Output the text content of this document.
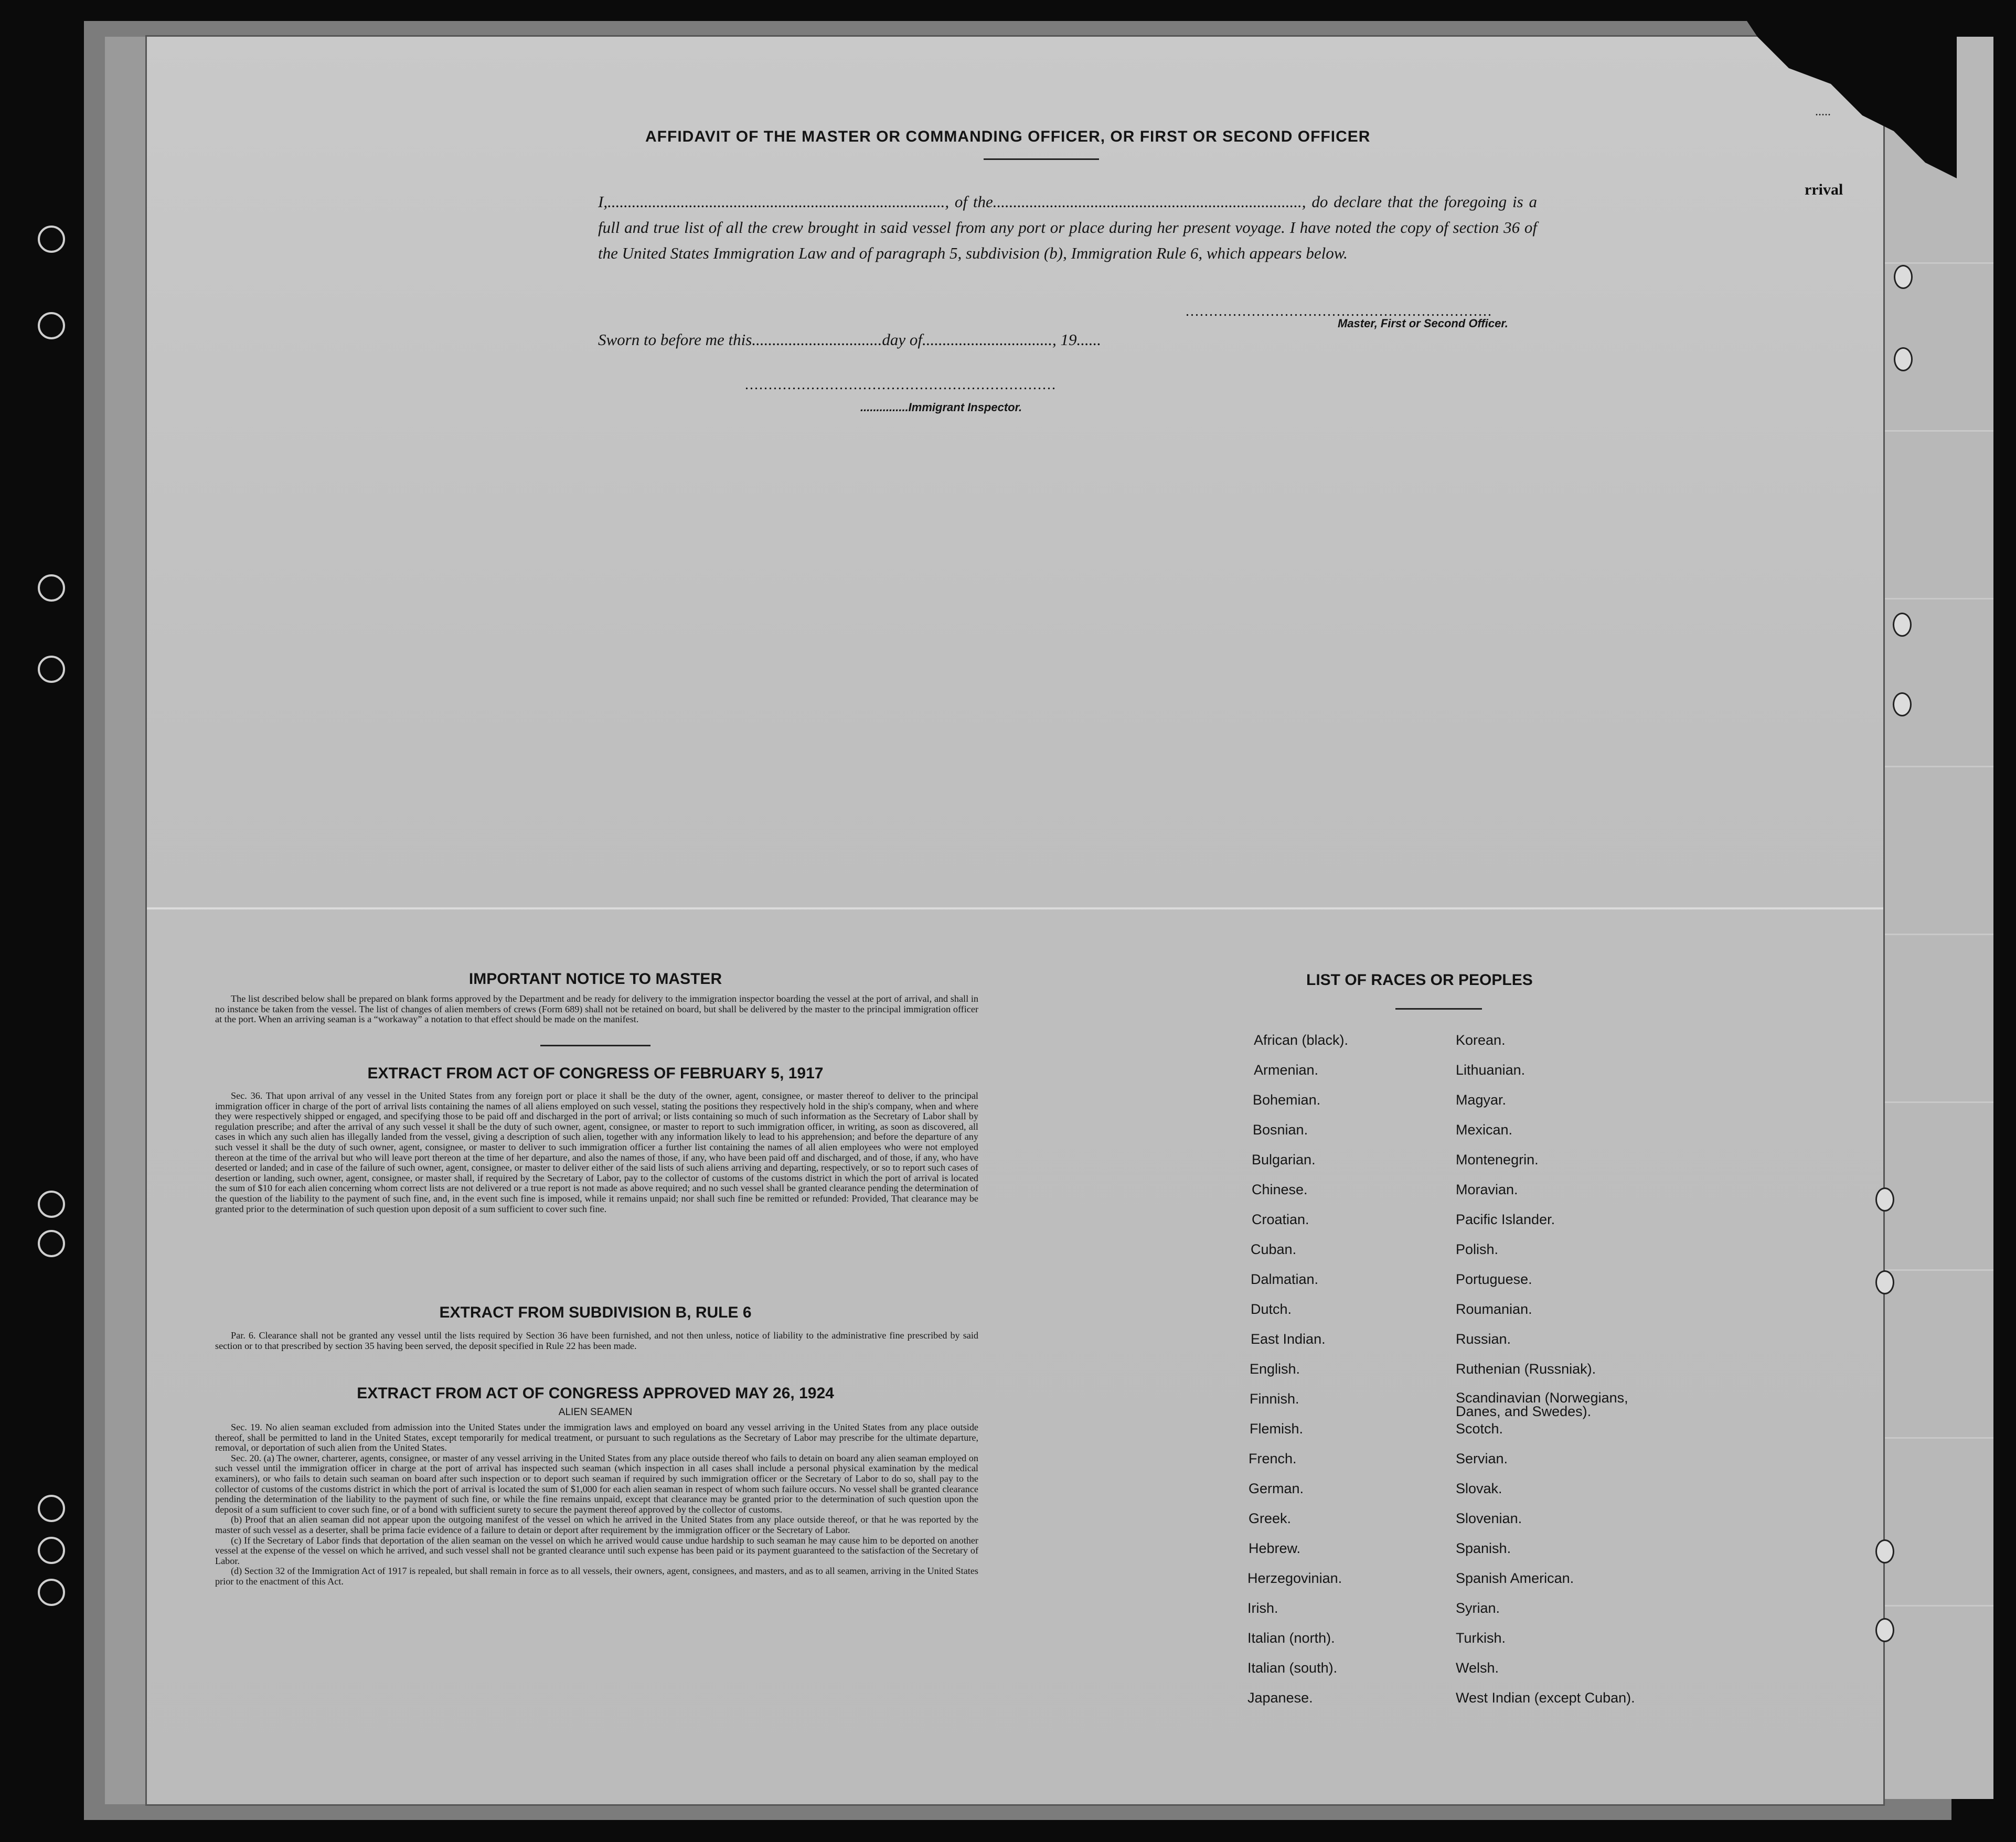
.....
rrival

AFFIDAVIT OF THE MASTER OR COMMANDING OFFICER, OR FIRST OR SECOND OFFICER

I,..................................................................................., of the............................................................................, do declare that the foregoing is a full and true list of all the crew brought in said vessel from any port or place during her present voyage. I have noted the copy of section 36 of the United States Immigration Law and of paragraph 5, subdivision (b), Immigration Rule 6, which appears below.

.................................................................

Master, First or Second Officer.

Sworn to before me this................................day of................................, 19......

..................................................................

...............Immigrant Inspector.

IMPORTANT NOTICE TO MASTER

The list described below shall be prepared on blank forms approved by the Department and be ready for delivery to the immigration inspector boarding the vessel at the port of arrival, and shall in no instance be taken from the vessel. The list of changes of alien members of crews (Form 689) shall not be retained on board, but shall be delivered by the master to the principal immigration officer at the port. When an arriving seaman is a “workaway” a notation to that effect should be made on the manifest.

EXTRACT FROM ACT OF CONGRESS OF FEBRUARY 5, 1917

Sec. 36. That upon arrival of any vessel in the United States from any foreign port or place it shall be the duty of the owner, agent, consignee, or master thereof to deliver to the principal immigration officer in charge of the port of arrival lists containing the names of all aliens employed on such vessel, stating the positions they respectively hold in the ship's company, when and where they were respectively shipped or engaged, and specifying those to be paid off and discharged in the port of arrival; or lists containing so much of such information as the Secretary of Labor shall by regulation prescribe; and after the arrival of any such vessel it shall be the duty of such owner, agent, consignee, or master to report to such immigration officer, in writing, as soon as discovered, all cases in which any such alien has illegally landed from the vessel, giving a description of such alien, together with any information likely to lead to his apprehension; and before the departure of any such vessel it shall be the duty of such owner, agent, consignee, or master to deliver to such immigration officer a further list containing the names of all alien employees who were not employed thereon at the time of the arrival but who will leave port thereon at the time of her departure, and also the names of those, if any, who have been paid off and discharged, and of those, if any, who have deserted or landed; and in case of the failure of such owner, agent, consignee, or master to deliver either of the said lists of such aliens arriving and departing, respectively, or so to report such cases of desertion or landing, such owner, agent, consignee, or master shall, if required by the Secretary of Labor, pay to the collector of customs of the customs district in which the port of arrival is located the sum of $10 for each alien concerning whom correct lists are not delivered or a true report is not made as above required; and no such vessel shall be granted clearance pending the determination of the question of the liability to the payment of such fine, and, in the event such fine is imposed, while it remains unpaid; nor shall such fine be remitted or refunded: Provided, That clearance may be granted prior to the determination of such question upon deposit of a sum sufficient to cover such fine.

EXTRACT FROM SUBDIVISION B, RULE 6

Par. 6. Clearance shall not be granted any vessel until the lists required by Section 36 have been furnished, and not then unless, notice of liability to the administrative fine prescribed by said section or to that prescribed by section 35 having been served, the deposit specified in Rule 22 has been made.

EXTRACT FROM ACT OF CONGRESS APPROVED MAY 26, 1924

ALIEN SEAMEN

Sec. 19. No alien seaman excluded from admission into the United States under the immigration laws and employed on board any vessel arriving in the United States from any place outside thereof, shall be permitted to land in the United States, except temporarily for medical treatment, or pursuant to such regulations as the Secretary of Labor may prescribe for the ultimate departure, removal, or deportation of such alien from the United States.

Sec. 20. (a) The owner, charterer, agents, consignee, or master of any vessel arriving in the United States from any place outside thereof who fails to detain on board any alien seaman employed on such vessel until the immigration officer in charge at the port of arrival has inspected such seaman (which inspection in all cases shall include a personal physical examination by the medical examiners), or who fails to detain such seaman on board after such inspection or to deport such seaman if required by such immigration officer or the Secretary of Labor to do so, shall pay to the collector of customs of the customs district in which the port of arrival is located the sum of $1,000 for each alien seaman in respect of whom such failure occurs. No vessel shall be granted clearance pending the determination of the liability to the payment of such fine, or while the fine remains unpaid, except that clearance may be granted prior to the determination of such question upon the deposit of a sum sufficient to cover such fine, or of a bond with sufficient surety to secure the payment thereof approved by the collector of customs.

(b) Proof that an alien seaman did not appear upon the outgoing manifest of the vessel on which he arrived in the United States from any place outside thereof, or that he was reported by the master of such vessel as a deserter, shall be prima facie evidence of a failure to detain or deport after requirement by the immigration officer or the Secretary of Labor.

(c) If the Secretary of Labor finds that deportation of the alien seaman on the vessel on which he arrived would cause undue hardship to such seaman he may cause him to be deported on another vessel at the expense of the vessel on which he arrived, and such vessel shall not be granted clearance until such expense has been paid or its payment guaranteed to the satisfaction of the Secretary of Labor.

(d) Section 32 of the Immigration Act of 1917 is repealed, but shall remain in force as to all vessels, their owners, agent, consignees, and masters, and as to all seamen, arriving in the United States prior to the enactment of this Act.

LIST OF RACES OR PEOPLES

African (black).

Armenian.

Bohemian.

Bosnian.

Bulgarian.

Chinese.

Croatian.

Cuban.

Dalmatian.

Dutch.

East Indian.

English.

Finnish.

Flemish.

French.

German.

Greek.

Hebrew.

Herzegovinian.

Irish.

Italian (north).

Italian (south).

Japanese.

Korean.

Lithuanian.

Magyar.

Mexican.

Montenegrin.

Moravian.

Pacific Islander.

Polish.

Portuguese.

Roumanian.

Russian.

Ruthenian (Russniak).

Scandinavian (Norwegians, Danes, and Swedes).

Scotch.

Servian.

Slovak.

Slovenian.

Spanish.

Spanish American.

Syrian.

Turkish.

Welsh.

West Indian (except Cuban).
